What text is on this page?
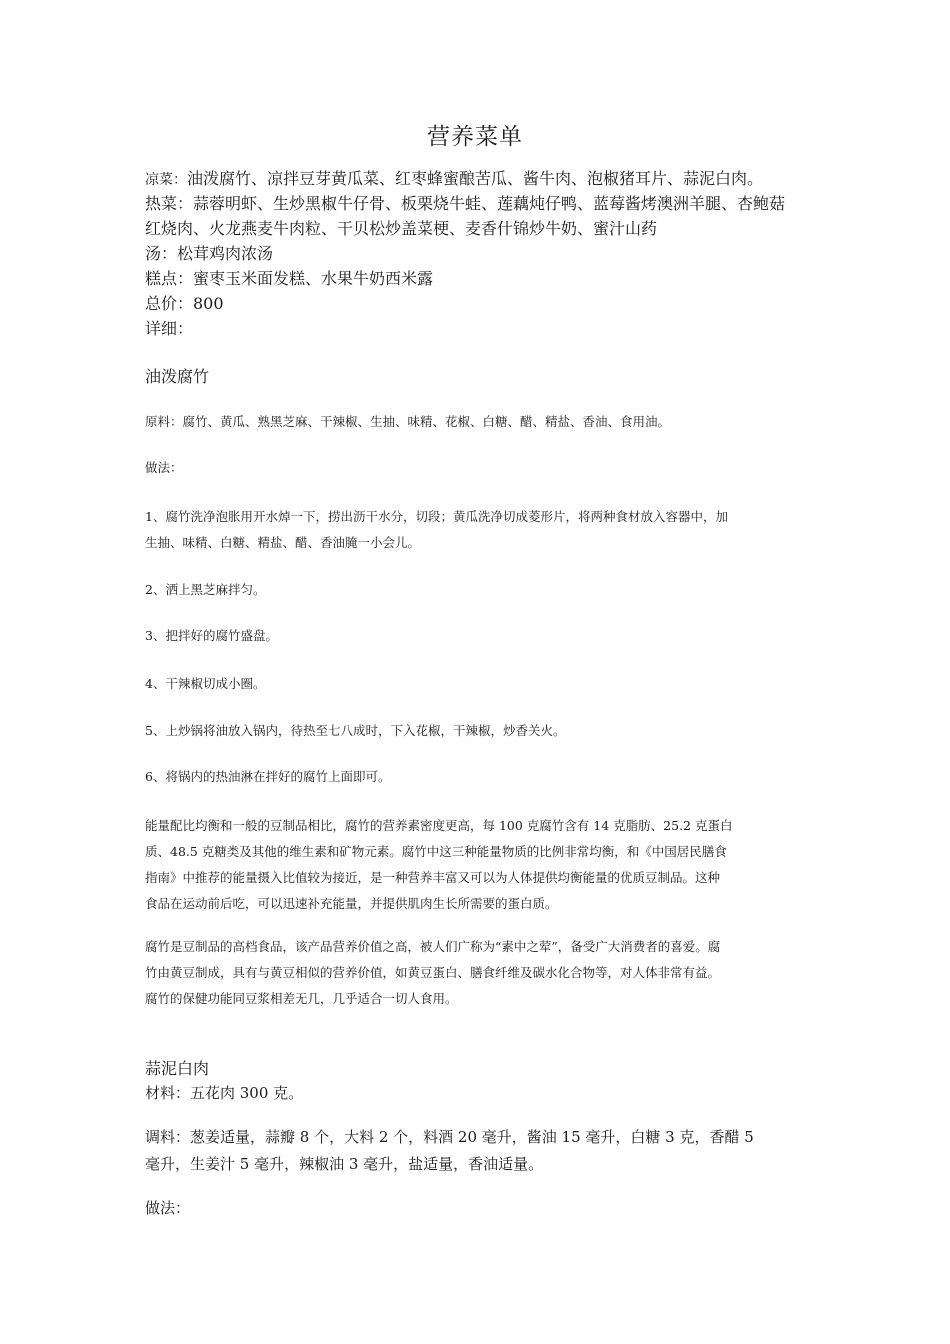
营养菜单
凉菜：油泼腐竹、凉拌豆芽黄瓜菜、红枣蜂蜜酿苦瓜、酱牛肉、泡椒猪耳片、蒜泥白肉。
热菜：蒜蓉明虾、生炒黑椒牛仔骨、板栗烧牛蛙、莲藕炖仔鸭、蓝莓酱烤澳洲羊腿、杏鲍菇
红烧肉、火龙燕麦牛肉粒、干贝松炒盖菜梗、麦香什锦炒牛奶、蜜汁山药
汤：松茸鸡肉浓汤
糕点：蜜枣玉米面发糕、水果牛奶西米露
总价：800
详细：
油泼腐竹
原料：腐竹、黄瓜、熟黑芝麻、干辣椒、生抽、味精、花椒、白糖、醋、精盐、香油、食用油。
做法：

1、腐竹洗净泡胀用开水焯一下，捞出沥干水分，切段；黄瓜洗净切成菱形片，将两种食材放入容器中，加

生抽、味精、白糖、精盐、醋、香油腌一小会儿。

2、洒上黑芝麻拌匀。
3、把拌好的腐竹盛盘。
4、干辣椒切成小圈。
5、上炒锅将油放入锅内，待热至七八成时，下入花椒，干辣椒，炒香关火。
6、将锅内的热油淋在拌好的腐竹上面即可。

能量配比均衡和一般的豆制品相比，腐竹的营养素密度更高，每 100 克腐竹含有 14 克脂肪、25.2 克蛋白

质、48.5 克糖类及其他的维生素和矿物元素。腐竹中这三种能量物质的比例非常均衡，和《中国居民膳食

指南》中推荐的能量摄入比值较为接近，是一种营养丰富又可以为人体提供均衡能量的优质豆制品。这种

食品在运动前后吃，可以迅速补充能量，并提供肌肉生长所需要的蛋白质。

腐竹是豆制品的高档食品，该产品营养价值之高，被人们广称为“素中之荤”，备受广大消费者的喜爱。腐

竹由黄豆制成，具有与黄豆相似的营养价值，如黄豆蛋白、膳食纤维及碳水化合物等，对人体非常有益。

腐竹的保健功能同豆浆相差无几，几乎适合一切人食用。

蒜泥白肉
材料：五花肉 300 克。

调料：葱姜适量，蒜瓣 8 个，大料 2 个，料酒 20 毫升，酱油 15 毫升，白糖 3 克，香醋 5

毫升，生姜汁 5 毫升，辣椒油 3 毫升，盐适量，香油适量。

做法：
